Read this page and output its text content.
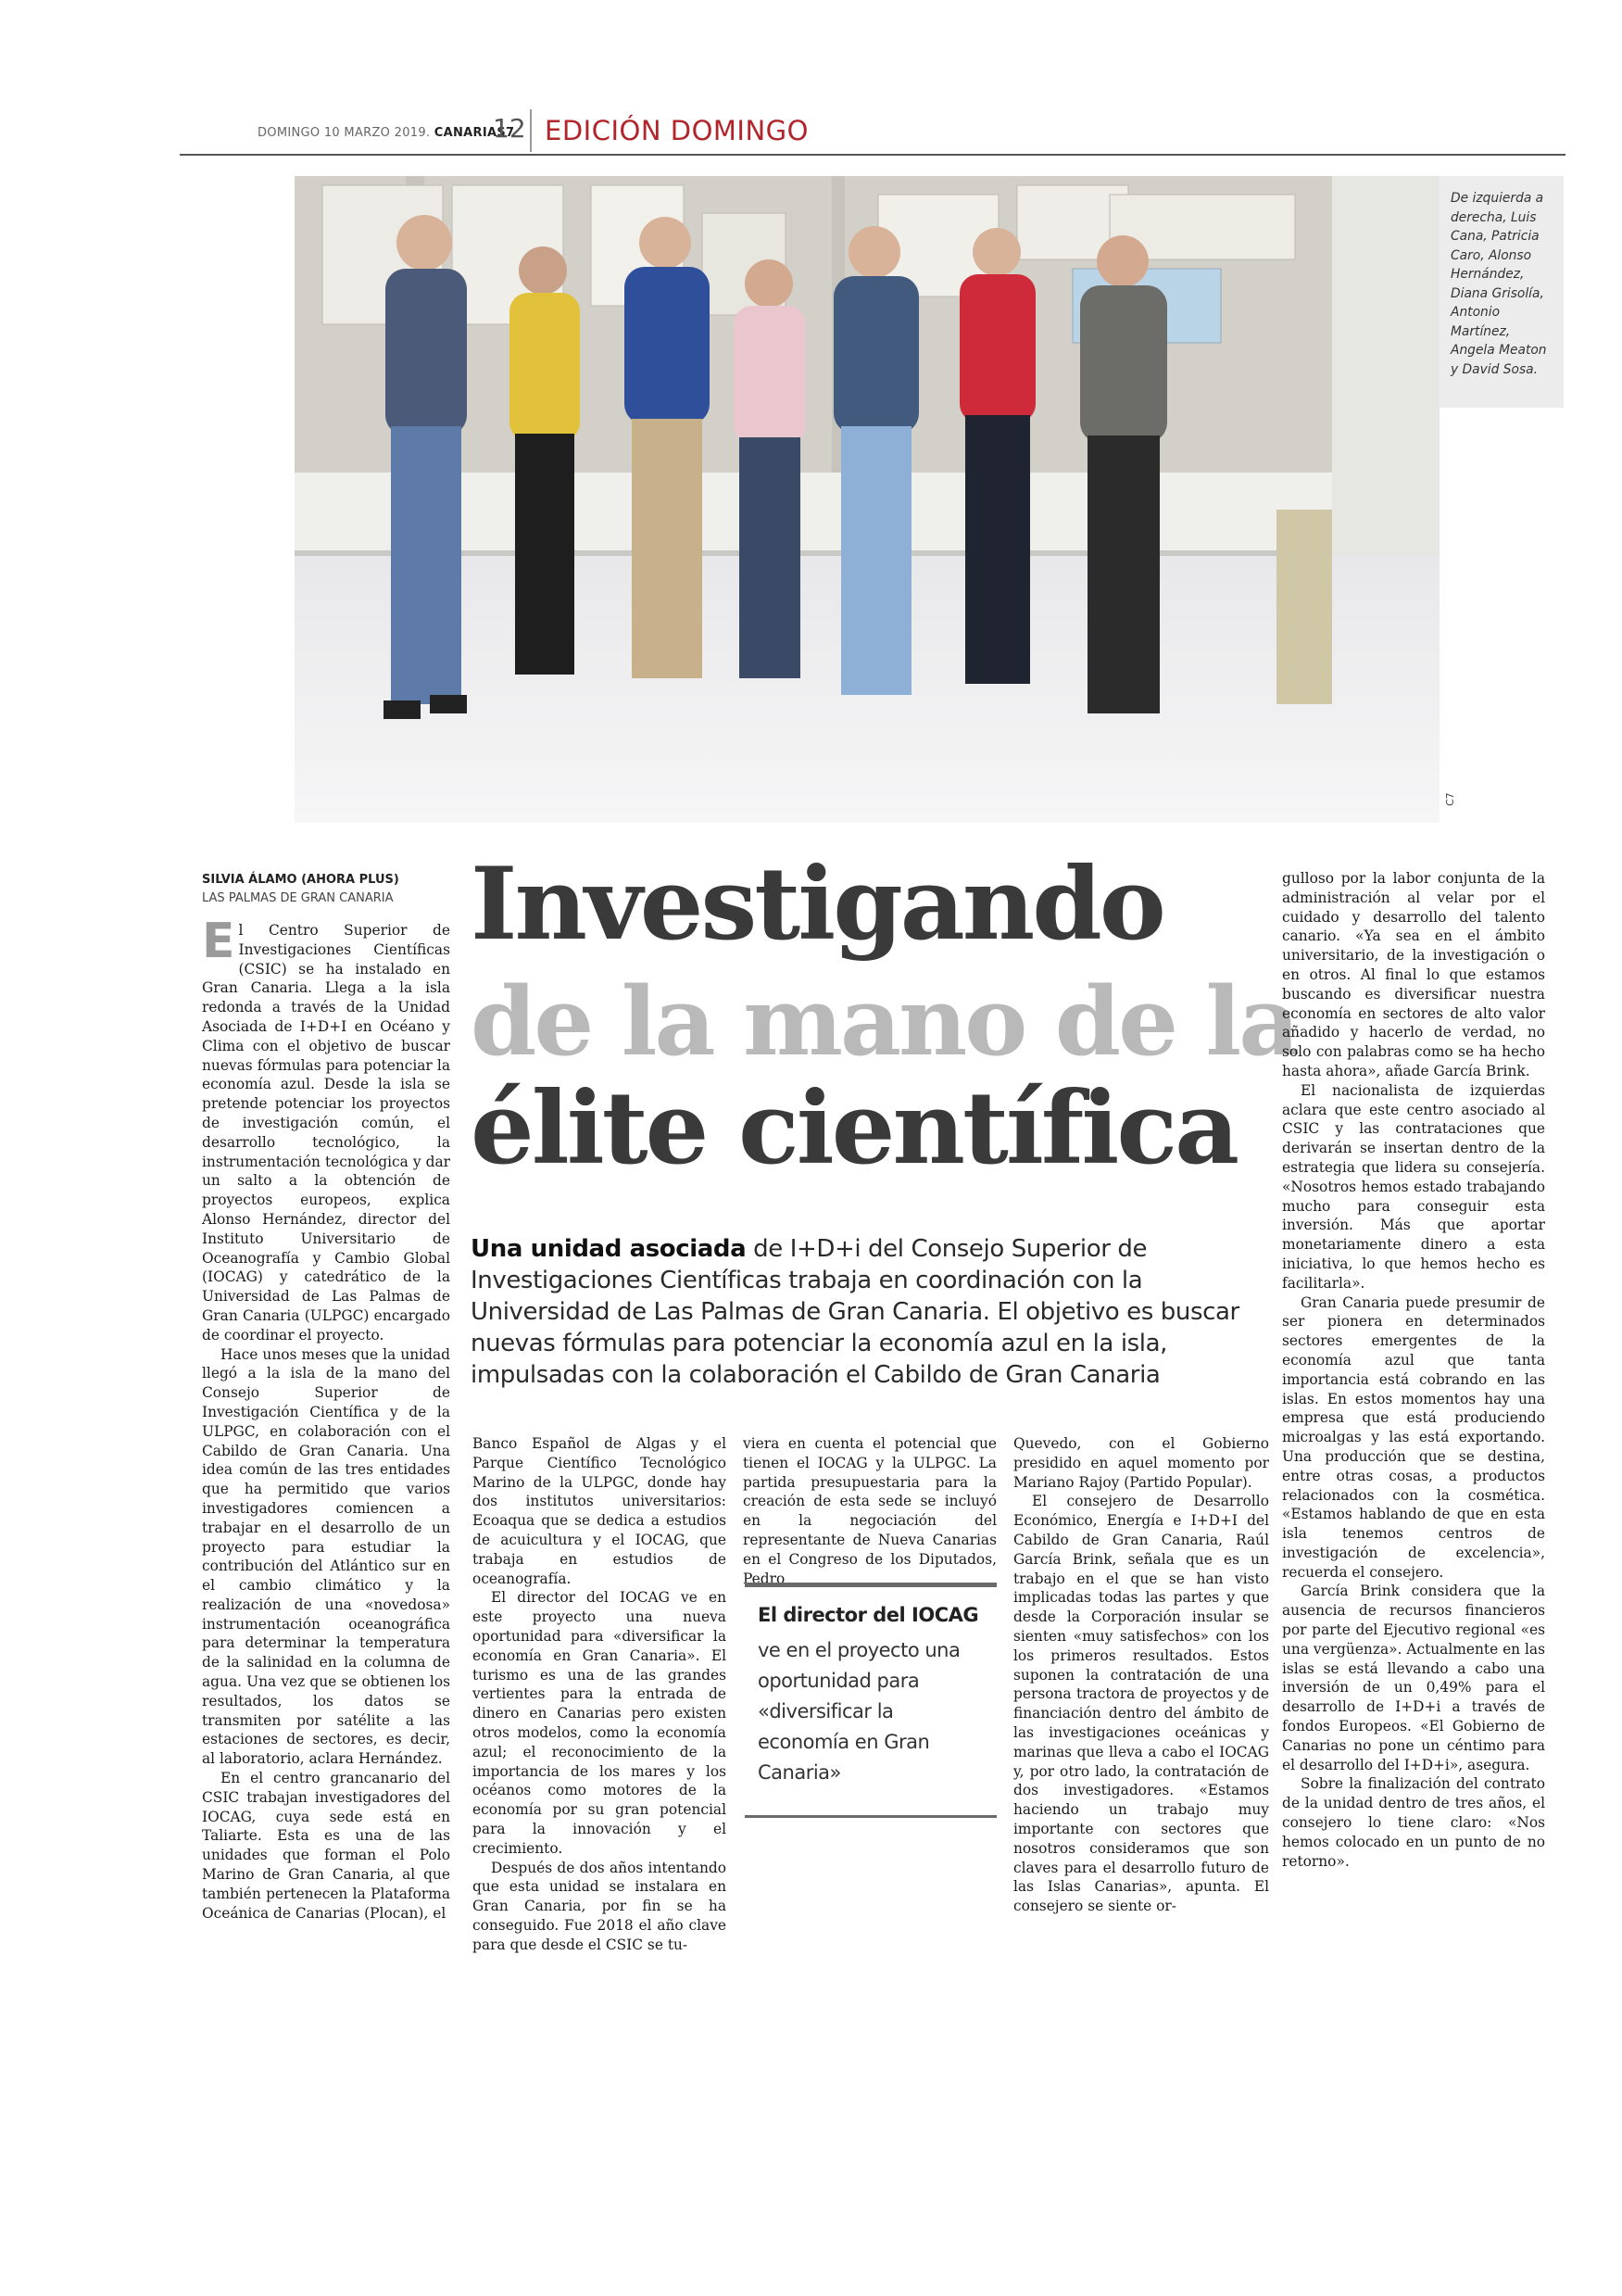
DOMINGO 10 MARZO 2019. CANARIAS7
12 EDICIÓN DOMINGO

De izquierda a derecha, Luis Cana, Patricia Caro, Alonso Hernández, Diana Grisolía, Antonio Martínez, Angela Meaton y David Sosa.

C7
SILVIA ÁLAMO (AHORA PLUS)
LAS PALMAS DE GRAN CANARIA Investigando
de la mano de la
élite científica
Una unidad asociada de I+D+i del Consejo Superior de Investigaciones Científicas trabaja en coordinación con la Universidad de Las Palmas de Gran Canaria. El objetivo es buscar nuevas fórmulas para potenciar la economía azul en la isla, impulsadas con la colaboración el Cabildo de Gran Canaria

El Centro Superior de Investigaciones Científicas (CSIC) se ha instalado en Gran Canaria. Llega a la isla redonda a través de la Unidad Asociada de I+D+I en Océano y Clima con el objetivo de buscar nuevas fórmulas para potenciar la economía azul. Desde la isla se pretende potenciar los proyectos de investigación común, el desarrollo tecnológico, la instrumentación tecnológica y dar un salto a la obtención de proyectos europeos, explica Alonso Hernández, director del Instituto Universitario de Oceanografía y Cambio Global (IOCAG) y catedrático de la Universidad de Las Palmas de Gran Canaria (ULPGC) encargado de coordinar el proyecto.

Hace unos meses que la unidad llegó a la isla de la mano del Consejo Superior de Investigación Científica y de la ULPGC, en colaboración con el Cabildo de Gran Canaria. Una idea común de las tres entidades que ha permitido que varios investigadores comiencen a trabajar en el desarrollo de un proyecto para estudiar la contribución del Atlántico sur en el cambio climático y la realización de una «novedosa» instrumentación oceanográfica para determinar la temperatura de la salinidad en la columna de agua. Una vez que se obtienen los resultados, los datos se transmiten por satélite a las estaciones de sectores, es decir, al laboratorio, aclara Hernández.

En el centro grancanario del CSIC trabajan investigadores del IOCAG, cuya sede está en Taliarte. Esta es una de las unidades que forman el Polo Marino de Gran Canaria, al que también pertenecen la Plataforma Oceánica de Canarias (Plocan), el

Banco Español de Algas y el Parque Científico Tecnológico Marino de la ULPGC, donde hay dos institutos universitarios: Ecoaqua que se dedica a estudios de acuicultura y el IOCAG, que trabaja en estudios de oceanografía.

El director del IOCAG ve en este proyecto una nueva oportunidad para «diversificar la economía en Gran Canaria». El turismo es una de las grandes vertientes para la entrada de dinero en Canarias pero existen otros modelos, como la economía azul; el reconocimiento de la importancia de los mares y los océanos como motores de la economía por su gran potencial para la innovación y el crecimiento.

Después de dos años intentando que esta unidad se instalara en Gran Canaria, por fin se ha conseguido. Fue 2018 el año clave para que desde el CSIC se tu-

viera en cuenta el potencial que tienen el IOCAG y la ULPGC. La partida presupuestaria para la creación de esta sede se incluyó en la negociación del representante de Nueva Canarias en el Congreso de los Diputados, Pedro

El director del IOCAG
ve en el proyecto una oportunidad para «diversificar la economía en Gran Canaria»

Quevedo, con el Gobierno presidido en aquel momento por Mariano Rajoy (Partido Popular).

El consejero de Desarrollo Económico, Energía e I+D+I del Cabildo de Gran Canaria, Raúl García Brink, señala que es un trabajo en el que se han visto implicadas todas las partes y que desde la Corporación insular se sienten «muy satisfechos» con los los primeros resultados. Estos suponen la contratación de una persona tractora de proyectos y de financiación dentro del ámbito de las investigaciones oceánicas y marinas que lleva a cabo el IOCAG y, por otro lado, la contratación de dos investigadores. «Estamos haciendo un trabajo muy importante con sectores que nosotros consideramos que son claves para el desarrollo futuro de las Islas Canarias», apunta. El consejero se siente or-

gulloso por la labor conjunta de la administración al velar por el cuidado y desarrollo del talento canario. «Ya sea en el ámbito universitario, de la investigación o en otros. Al final lo que estamos buscando es diversificar nuestra economía en sectores de alto valor añadido y hacerlo de verdad, no solo con palabras como se ha hecho hasta ahora», añade García Brink.

El nacionalista de izquierdas aclara que este centro asociado al CSIC y las contrataciones que derivarán se insertan dentro de la estrategia que lidera su consejería. «Nosotros hemos estado trabajando mucho para conseguir esta inversión. Más que aportar monetariamente dinero a esta iniciativa, lo que hemos hecho es facilitarla».

Gran Canaria puede presumir de ser pionera en determinados sectores emergentes de la economía azul que tanta importancia está cobrando en las islas. En estos momentos hay una empresa que está produciendo microalgas y las está exportando. Una producción que se destina, entre otras cosas, a productos relacionados con la cosmética. «Estamos hablando de que en esta isla tenemos centros de investigación de excelencia», recuerda el consejero.

García Brink considera que la ausencia de recursos financieros por parte del Ejecutivo regional «es una vergüenza». Actualmente en las islas se está llevando a cabo una inversión de un 0,49% para el desarrollo de I+D+i a través de fondos Europeos. «El Gobierno de Canarias no pone un céntimo para el desarrollo del I+D+i», asegura.

Sobre la finalización del contrato de la unidad dentro de tres años, el consejero lo tiene claro: «Nos hemos colocado en un punto de no retorno».
